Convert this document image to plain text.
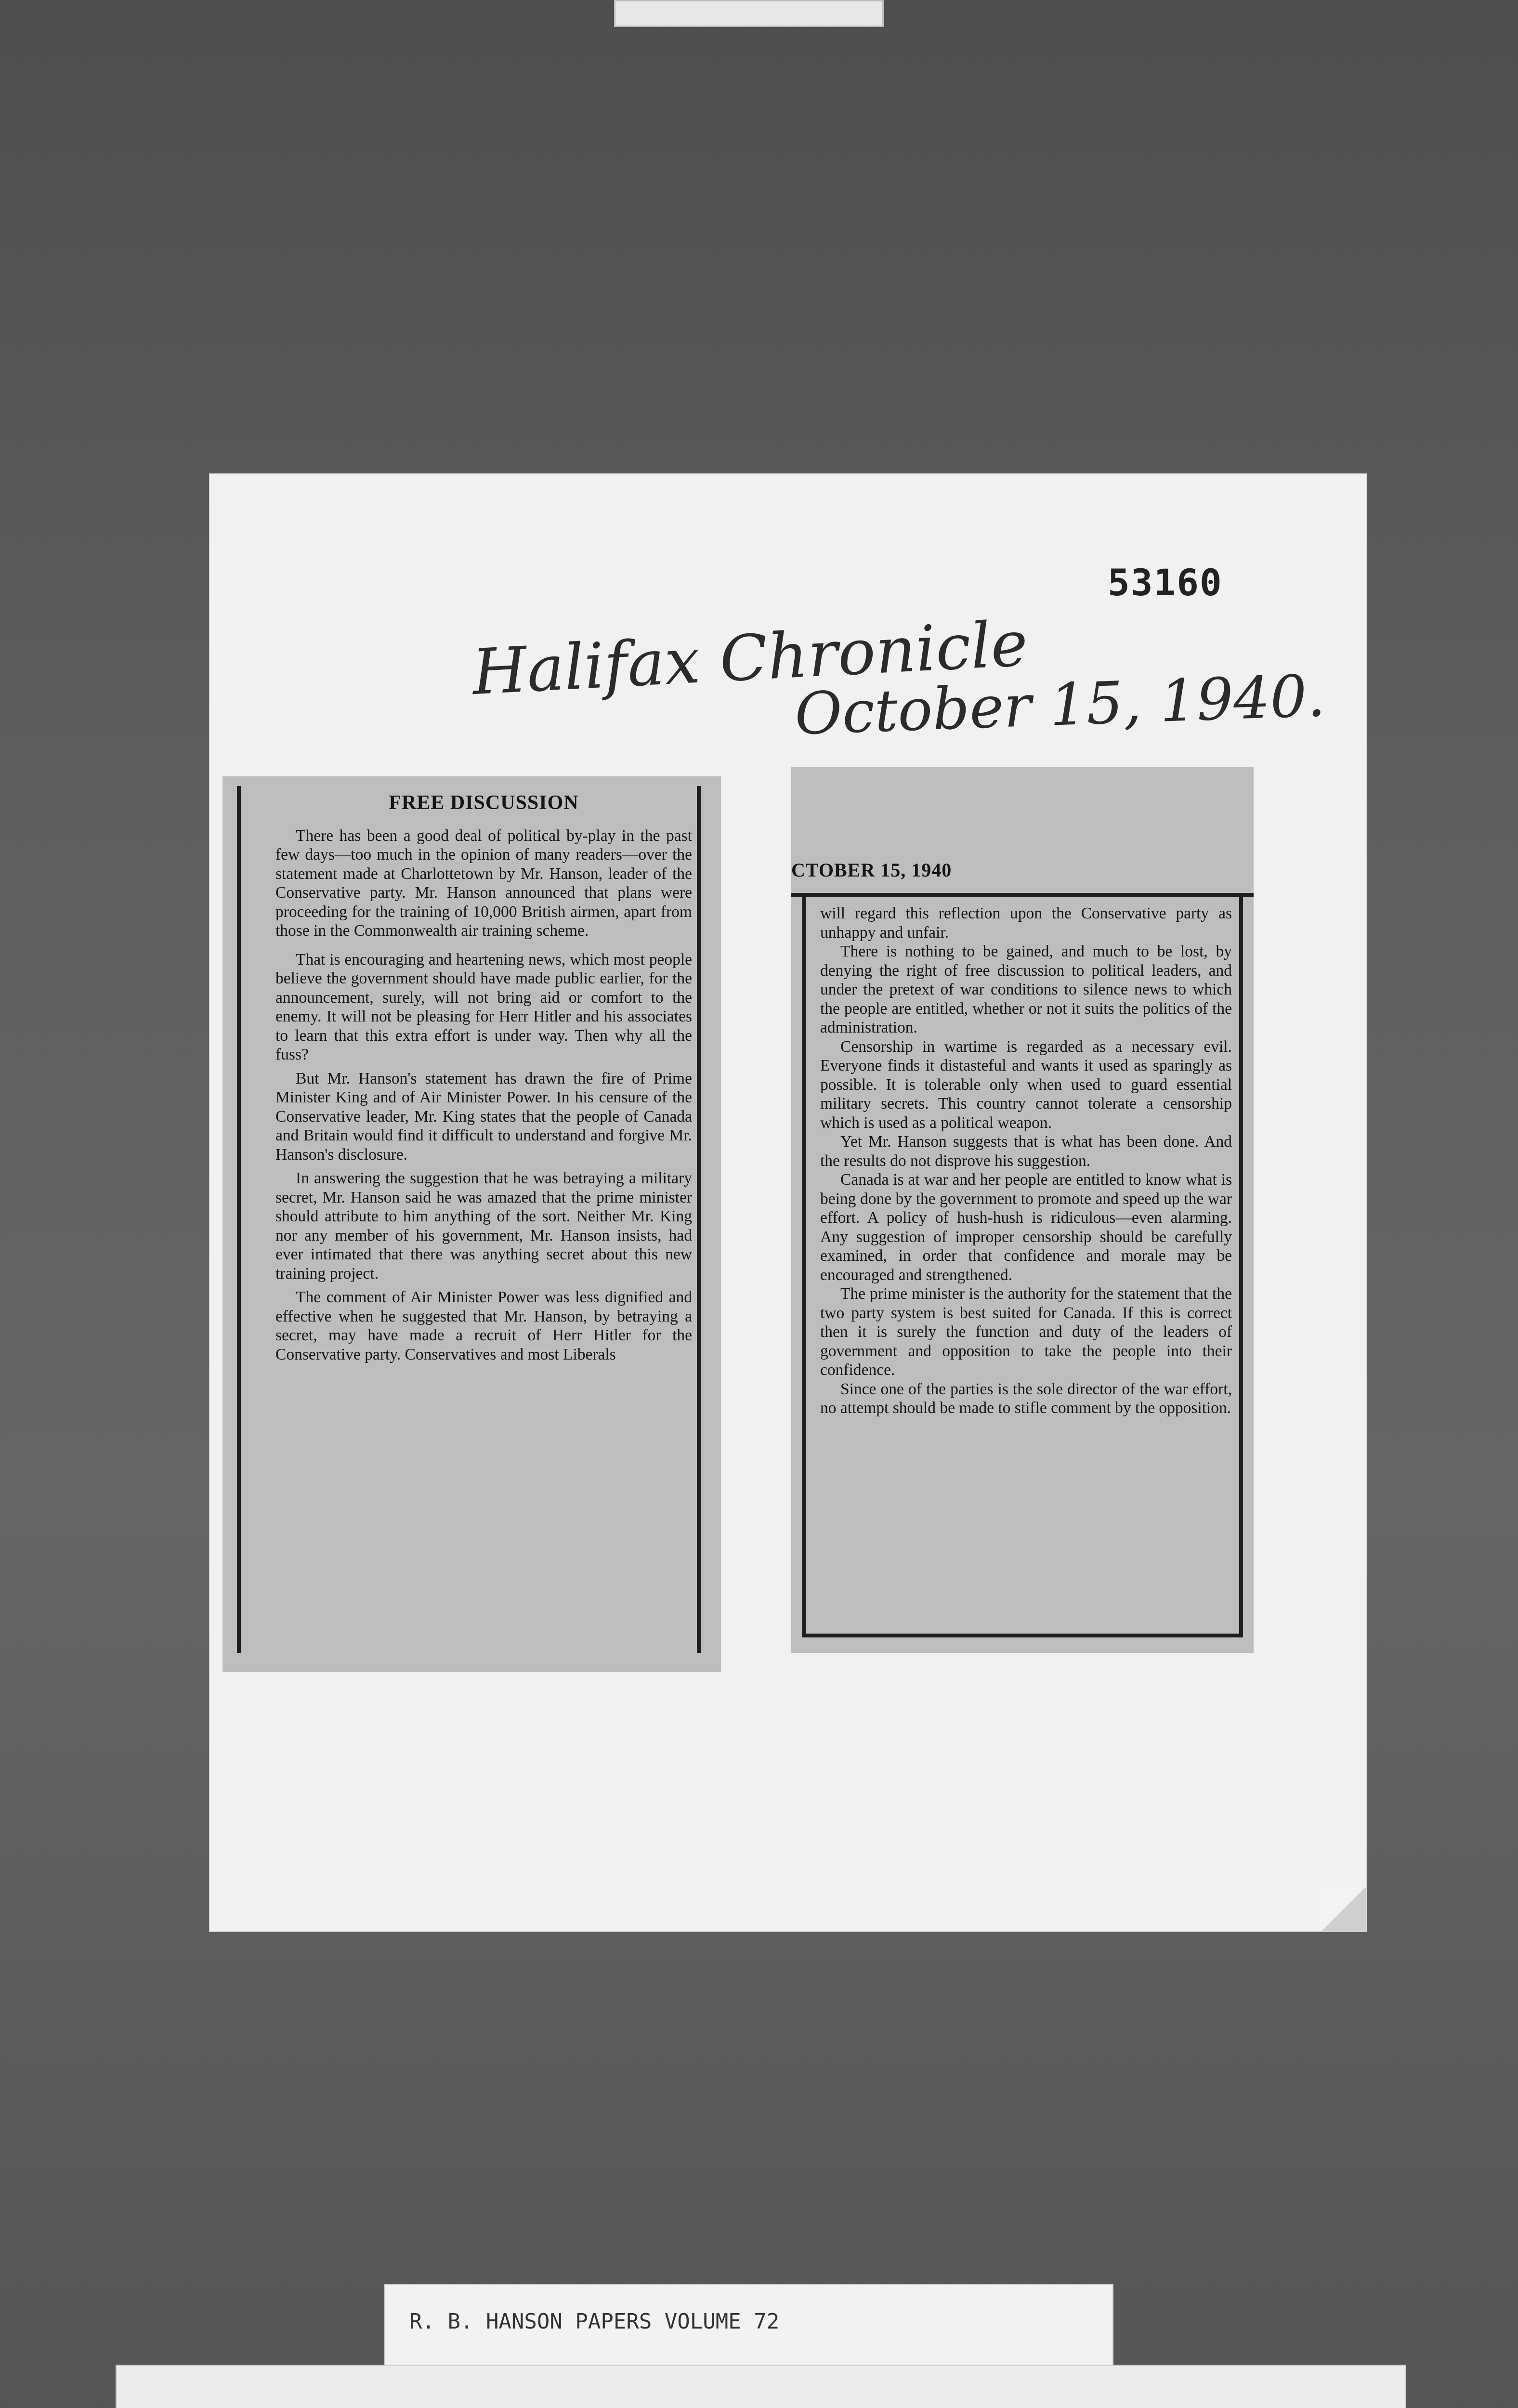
53160
Halifax Chronicle
October 15, 1940.
FREE DISCUSSION

There has been a good deal of political by-play in the past few days—too much in the opinion of many readers—over the statement made at Charlottetown by Mr. Hanson, leader of the Conservative party. Mr. Hanson announced that plans were proceeding for the training of 10,000 British airmen, apart from those in the Commonwealth air training scheme.

That is encouraging and heartening news, which most people believe the government should have made public earlier, for the announcement, surely, will not bring aid or comfort to the enemy. It will not be pleasing for Herr Hitler and his associates to learn that this extra effort is under way. Then why all the fuss?

But Mr. Hanson's statement has drawn the fire of Prime Minister King and of Air Minister Power. In his censure of the Conservative leader, Mr. King states that the people of Canada and Britain would find it difficult to understand and forgive Mr. Hanson's disclosure.

In answering the suggestion that he was betraying a military secret, Mr. Hanson said he was amazed that the prime minister should attribute to him anything of the sort. Neither Mr. King nor any member of his government, Mr. Hanson insists, had ever intimated that there was anything secret about this new training project.

The comment of Air Minister Power was less dignified and effective when he suggested that Mr. Hanson, by betraying a secret, may have made a recruit of Herr Hitler for the Conservative party. Conservatives and most Liberals

CTOBER 15, 1940

will regard this reflection upon the Conservative party as unhappy and unfair.

There is nothing to be gained, and much to be lost, by denying the right of free discussion to political leaders, and under the pretext of war conditions to silence news to which the people are entitled, whether or not it suits the politics of the administration.

Censorship in wartime is regarded as a necessary evil. Everyone finds it distasteful and wants it used as sparingly as possible. It is tolerable only when used to guard essential military secrets. This country cannot tolerate a censorship which is used as a political weapon.

Yet Mr. Hanson suggests that is what has been done. And the results do not disprove his suggestion.

Canada is at war and her people are entitled to know what is being done by the government to promote and speed up the war effort. A policy of hush-hush is ridiculous—even alarming. Any suggestion of improper censorship should be carefully examined, in order that confidence and morale may be encouraged and strengthened.

The prime minister is the authority for the statement that the two party system is best suited for Canada. If this is correct then it is surely the function and duty of the leaders of government and opposition to take the people into their confidence.

Since one of the parties is the sole director of the war effort, no attempt should be made to stifle comment by the opposition.

R. B. HANSON PAPERS VOLUME 72
